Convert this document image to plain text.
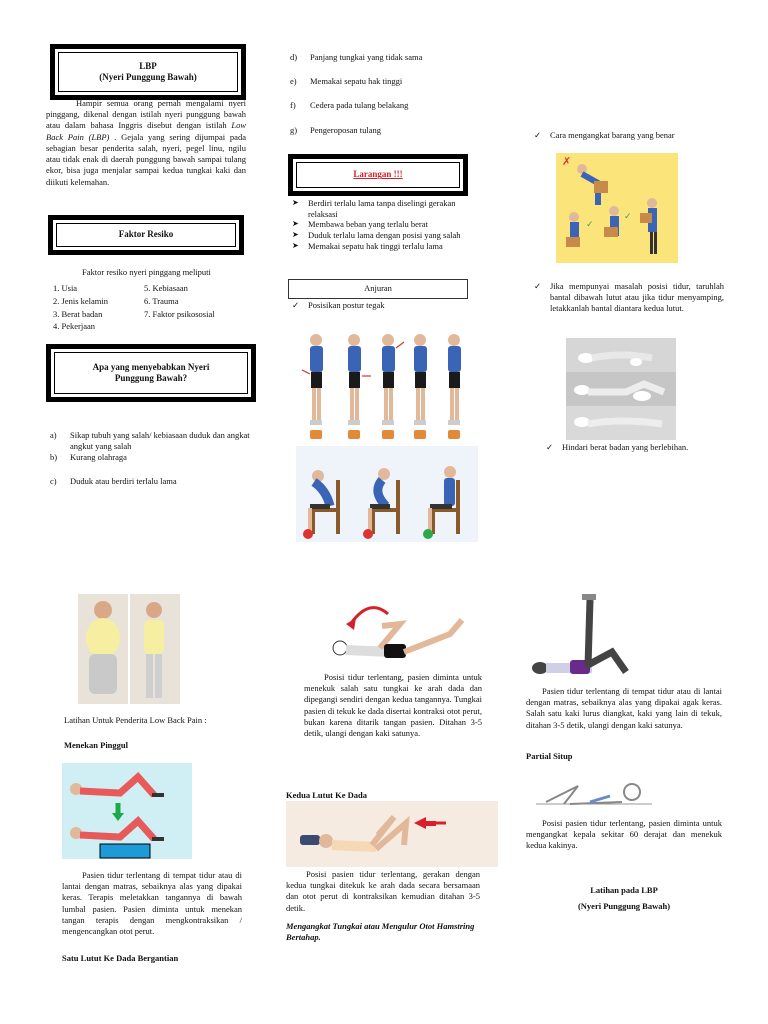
LBP
(Nyeri Punggung Bawah)

Hampir semua orang pernah mengalami nyeri pinggang, dikenal dengan istilah nyeri punggung bawah atau dalam bahasa Inggris disebut dengan istilah Low Back Pain (LBP) . Gejala yang sering dijumpai pada sebagian besar penderita salah, nyeri, pegel linu, ngilu atau tidak enak di daerah punggung bawah sampai tulang ekor, bisa juga menjalar sampai kedua tungkai kaki dan diikuti kelemahan.

Faktor Resiko
Faktor resiko nyeri pinggang meliputi
1. Usia
2. Jenis kelamin
3. Berat badan
4. Pekerjaan
5. Kebiasaan
6. Trauma
7. Faktor psikososial
Apa yang menyebabkan Nyeri
Punggung Bawah?
a)	Sikap tubuh yang salah/ kebiasaan duduk dan angkat angkut yang salah
b)	Kurang olahraga
c)	Duduk atau berdiri terlalu lama
d)	Panjang tungkai yang tidak sama
e)	Memakai sepatu hak tinggi
f)	Cedera pada tulang belakang
g)	Pengeroposan tulang
Larangan !!!
➤	Berdiri terlalu lama tanpa diselingi gerakan relaksasi
➤	Membawa beban yang terlalu berat
➤	Duduk terlalu lama dengan posisi yang salah
➤	Memakai sepatu hak tinggi terlalu lama
Anjuran
✓	Posisikan postur tegak
✓	Cara mengangkat barang yang benar
✗
✓
✓
✓	Jika mempunyai masalah posisi tidur, taruhlah bantal dibawah lutut atau jika tidur menyamping, letakkanlah bantal diantara kedua lutut.
✓	Hindari berat badan yang berlebihan.
Latihan Untuk Penderita Low Back Pain :
Menekan Pinggul

Pasien tidur terlentang di tempat tidur atau di lantai dengan matras, sebaiknya alas yang dipakai keras. Terapis meletakkan tangannya di bawah lumbal pasien. Pasien diminta untuk menekan tangan terapis dengan mengkontraksikan / mengencangkan otot perut.

Satu Lutut Ke Dada Bergantian

Posisi tidur terlentang, pasien diminta untuk menekuk salah satu tungkai ke arah dada dan dipegangi sendiri dengan kedua tangannya. Tungkai pasien di tekuk ke dada disertai kontraksi otot perut, bukan karena ditarik tangan pasien. Ditahan 3-5 detik, ulangi dengan kaki satunya.

Kedua Lutut Ke Dada

Posisi pasien tidur terlentang, gerakan dengan kedua tungkai ditekuk ke arah dada secara bersamaan dan otot perut di kontraksikan kemudian ditahan 3-5 detik.

Mengangkat Tungkai atau Mengulur Otot Hamstring Bertahap.

Pasien tidur terlentang di tempat tidur atau di lantai dengan matras, sebaiknya alas yang dipakai agak keras. Salah satu kaki lurus diangkat, kaki yang lain di tekuk, ditahan 3-5 detik, ulangi dengan kaki satunya.

Partial Situp

Posisi pasien tidur terlentang, pasien diminta untuk mengangkat kepala sekitar 60 derajat dan menekuk kedua kakinya.

Latihan pada LBP
(Nyeri Punggung Bawah)
